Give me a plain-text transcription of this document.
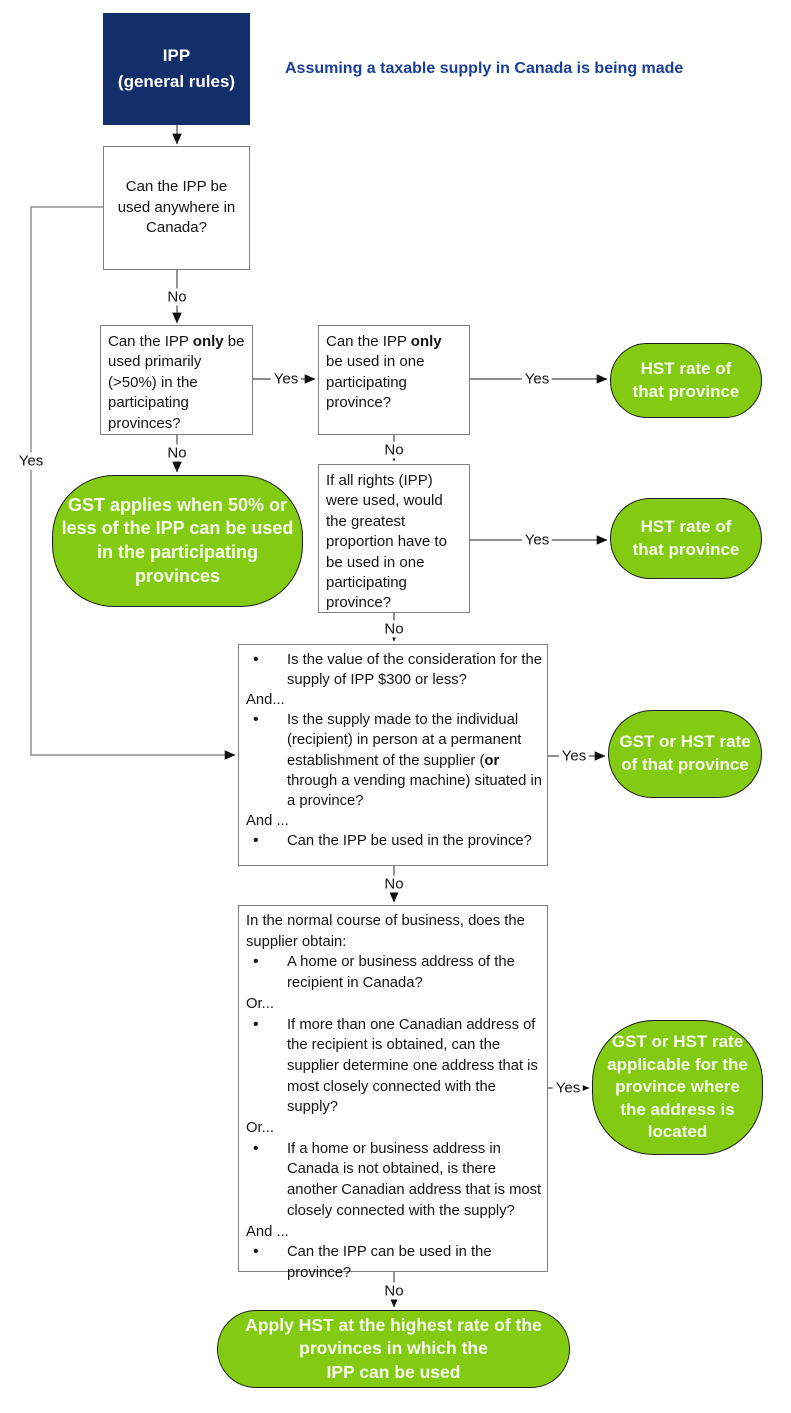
IPP
(general rules)
Assuming a taxable supply in Canada is being made
Can the IPP be used anywhere in Canada?
Can the IPP only be used primarily (>50%) in the participating provinces?
Can the IPP only be used in one participating province?
If all rights (IPP) were used, would the greatest proportion have to be used in one participating province?
GST applies when 50% or
less of the IPP can be used
in the participating
provinces
HST rate of
that province
HST rate of
that province
• Is the value of the consideration for the supply of IPP $300 or less?
And...
• Is the supply made to the individual (recipient) in person at a permanent establishment of the supplier (or through a vending machine) situated in a province?
And ...
• Can the IPP be used in the province?
GST or HST rate
of that province
In the normal course of business, does the supplier obtain:
• A home or business address of the recipient in Canada?
Or...
• If more than one Canadian address of the recipient is obtained, can the supplier determine one address that is most closely connected with the supply?
Or...
• If a home or business address in Canada is not obtained, is there another Canadian address that is most closely connected with the supply?
And ...
• Can the IPP can be used in the province?
GST or HST rate
applicable for the
province where
the address is
located
Apply HST at the highest rate of the
provinces in which the
IPP can be used
No
Yes
Yes
No
Yes
No
Yes
No
Yes
No
Yes
No
